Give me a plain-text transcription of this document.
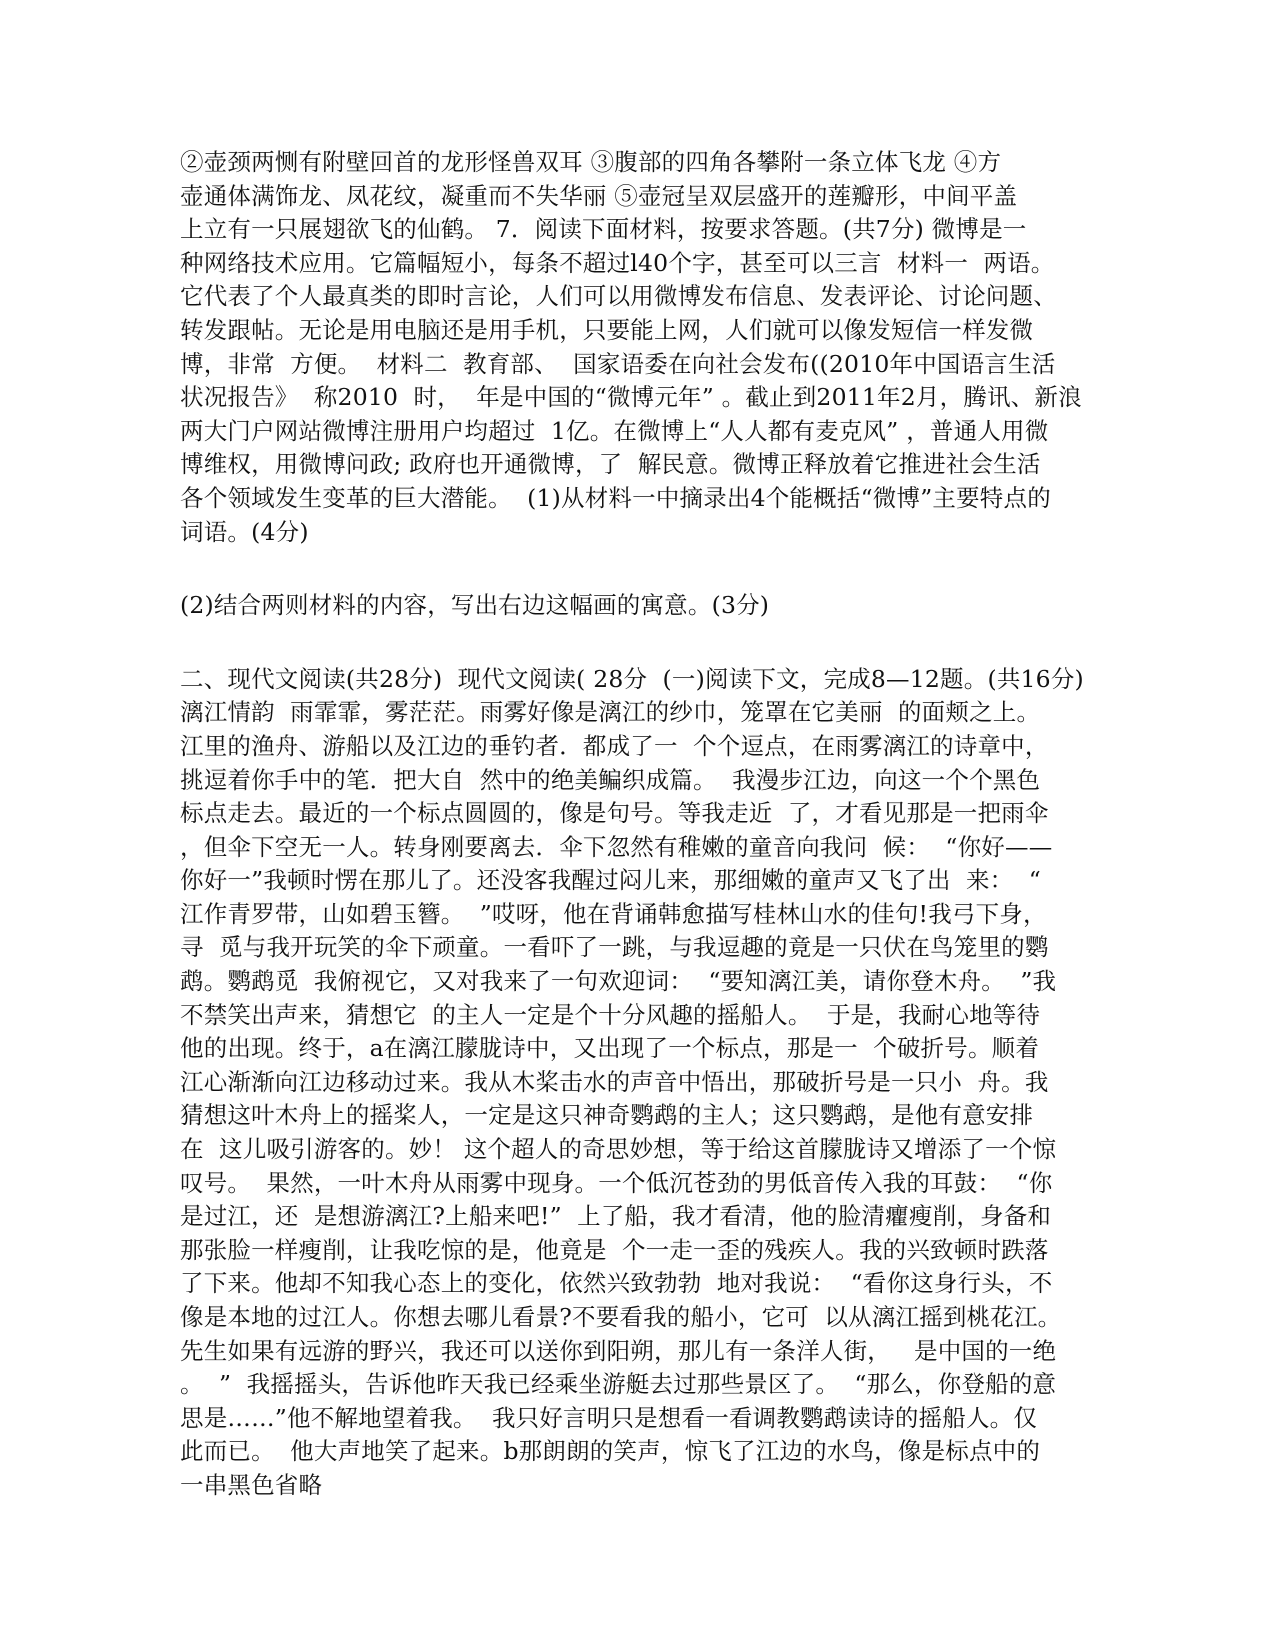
②壶颈两恻有附壁回首的龙形怪兽双耳 ③腹部的四角各攀附一条立体飞龙 ④方
壶通体满饰龙、凤花纹，凝重而不失华丽 ⑤壶冠呈双层盛开的莲瓣形，中间平盖
上立有一只展翅欲飞的仙鹤。 7．阅读下面材料，按要求答题。(共7分) 微博是一
种网络技术应用。它篇幅短小，每条不超过l40个字，甚至可以三言  材料一  两语。
它代表了个人最真类的即时言论，人们可以用微博发布信息、发表评论、讨论问题、
转发跟帖。无论是用电脑还是用手机，只要能上网，人们就可以像发短信一样发微
博，非常  方便。  材料二  教育部、  国家语委在向社会发布((2010年中国语言生活
状况报告》  称2010  时，  年是中国的“微博元年” 。截止到2011年2月，腾讯、新浪
两大门户网站微博注册用户均超过  1亿。在微博上“人人都有麦克风” ，普通人用微
博维权，用微博问政; 政府也开通微博，了  解民意。微博正释放着它推进社会生活
各个领域发生变革的巨大潜能。  (1)从材料一中摘录出4个能概括“微博”主要特点的
词语。(4分)
(2)结合两则材料的内容，写出右边这幅画的寓意。(3分)
二、现代文阅读(共28分)  现代文阅读( 28分  (一)阅读下文，完成8—12题。(共16分)
漓江情韵  雨霏霏，雾茫茫。雨雾好像是漓江的纱巾，笼罩在它美丽  的面颊之上。
江里的渔舟、游船以及江边的垂钓者．都成了一  个个逗点，在雨雾漓江的诗章中，
挑逗着你手中的笔．把大自  然中的绝美鳊织成篇。  我漫步江边，向这一个个黑色
标点走去。最近的一个标点圆圆的，像是句号。等我走近  了，才看见那是一把雨伞
，但伞下空无一人。转身刚要离去．伞下忽然有稚嫩的童音向我问  候：  “你好——
你好一”我顿时愣在那儿了。还没客我醒过闷儿来，那细嫩的童声又飞了出  来：  “
江作青罗带，山如碧玉簪。  ”哎呀，他在背诵韩愈描写桂林山水的佳句!我弓下身，
寻  觅与我开玩笑的伞下顽童。一看吓了一跳，与我逗趣的竟是一只伏在鸟笼里的鹦
鹉。鹦鹉觅  我俯视它，又对我来了一句欢迎词：  “要知漓江美，请你登木舟。  ”我
不禁笑出声来，猜想它  的主人一定是个十分风趣的摇船人。  于是，我耐心地等待
他的出现。终于，a在漓江朦胧诗中，又出现了一个标点，那是一  个破折号。顺着
江心渐渐向江边移动过来。我从木桨击水的声音中悟出，那破折号是一只小  舟。我
猜想这叶木舟上的摇桨人，一定是这只神奇鹦鹉的主人；这只鹦鹉，是他有意安排
在  这儿吸引游客的。妙！ 这个超人的奇思妙想，等于给这首朦胧诗又增添了一个惊
叹号。  果然，一叶木舟从雨雾中现身。一个低沉苍劲的男低音传入我的耳鼓：  “你
是过江，还  是想游漓江?上船来吧!”  上了船，我才看清，他的脸清癯瘦削，身备和
那张脸一样瘦削，让我吃惊的是，他竟是  个一走一歪的残疾人。我的兴致顿时跌落
了下来。他却不知我心态上的变化，依然兴致勃勃  地对我说：  “看你这身行头，不
像是本地的过江人。你想去哪儿看景?不要看我的船小，它可  以从漓江摇到桃花江。
先生如果有远游的野兴，我还可以送你到阳朔，那儿有一条洋人街，   是中国的一绝
。  ”  我摇摇头，告诉他昨天我已经乘坐游艇去过那些景区了。  “那么，你登船的意
思是……”他不解地望着我。  我只好言明只是想看一看调教鹦鹉读诗的摇船人。仅
此而已。  他大声地笑了起来。b那朗朗的笑声，惊飞了江边的水鸟，像是标点中的
一串黑色省略
